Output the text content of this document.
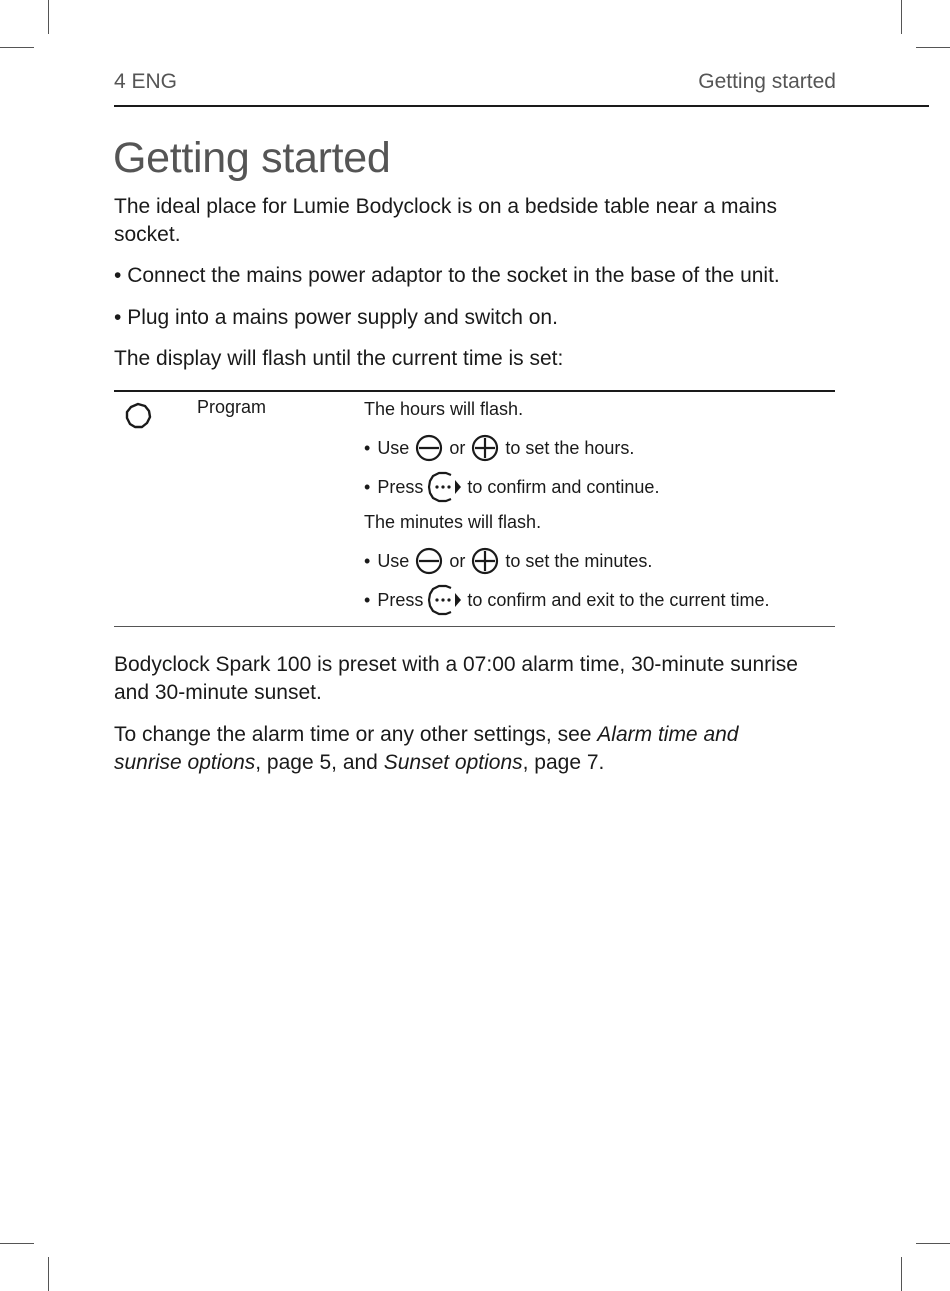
4 ENG	Getting started
Getting started

The ideal place for Lumie Bodyclock is on a bedside table near a mains socket.

• Connect the mains power adaptor to the socket in the base of the unit.

• Plug into a mains power supply and switch on.

The display will flash until the current time is set:

Program	The hours will flash.
• Use or to set the hours.
• Press to confirm and continue.
The minutes will flash.
• Use or to set the minutes.
• Press to confirm and exit to the current time.

Bodyclock Spark 100 is preset with a 07:00 alarm time, 30-minute sunrise and 30-minute sunset.

To change the alarm time or any other settings, see Alarm time and sunrise options, page 5, and Sunset options, page 7.
